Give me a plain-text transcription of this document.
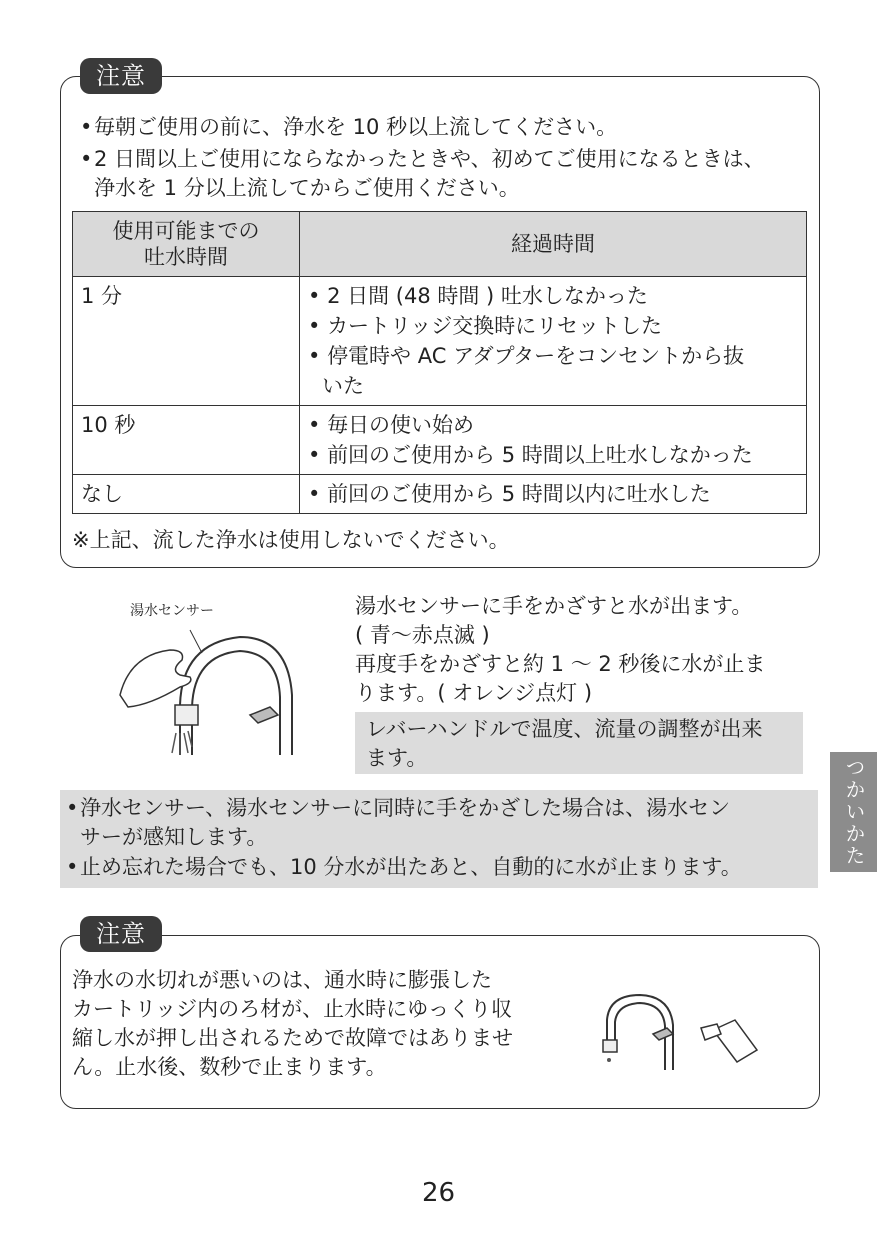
注意
•毎朝ご使用の前に、浄水を 10 秒以上流してください。
•2 日間以上ご使用にならなかったときや、初めてご使用になるときは、
浄水を 1 分以上流してからご使用ください。
使用可能までの
吐水時間	経過時間
1 分	• 2 日間 (48 時間 ) 吐水しなかった
• カートリッジ交換時にリセットした
• 停電時や AC アダプターをコンセントから抜
いた

10 秒	• 毎日の使い始め
• 前回のご使用から 5 時間以上吐水しなかった

なし	• 前回のご使用から 5 時間以内に吐水した
※上記、流した浄水は使用しないでください。
湯水センサー	湯水センサーに手をかざすと水が出ます。
( 青～赤点滅 )
再度手をかざすと約 1 ～ 2 秒後に水が止ま
ります。( オレンジ点灯 )
レバーハンドルで温度、流量の調整が出来
ます。
•浄水センサー、湯水センサーに同時に手をかざした場合は、湯水セン
サーが感知します。
•止め忘れた場合でも、10 分水が出たあと、自動的に水が止まります。	つかいかた
注意
浄水の水切れが悪いのは、通水時に膨張した
カートリッジ内のろ材が、止水時にゆっくり収
縮し水が押し出されるためで故障ではありませ
ん。止水後、数秒で止まります。
26
